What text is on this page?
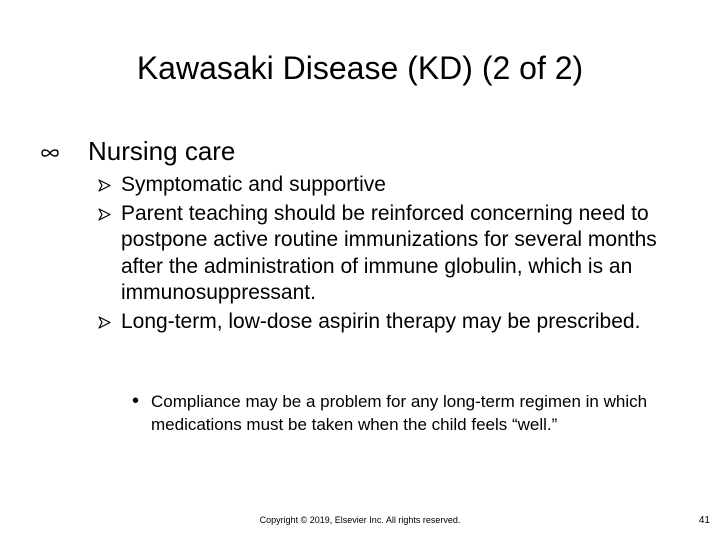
Kawasaki Disease (KD) (2 of 2)
Nursing care
Symptomatic and supportive
Parent teaching should be reinforced concerning need to postpone active routine immunizations for several months after the administration of immune globulin, which is an immunosuppressant.
Long-term, low-dose aspirin therapy may be prescribed.
• Compliance may be a problem for any long-term regimen in which medications must be taken when the child feels “well.”
Copyright © 2019, Elsevier Inc. All rights reserved.	41
